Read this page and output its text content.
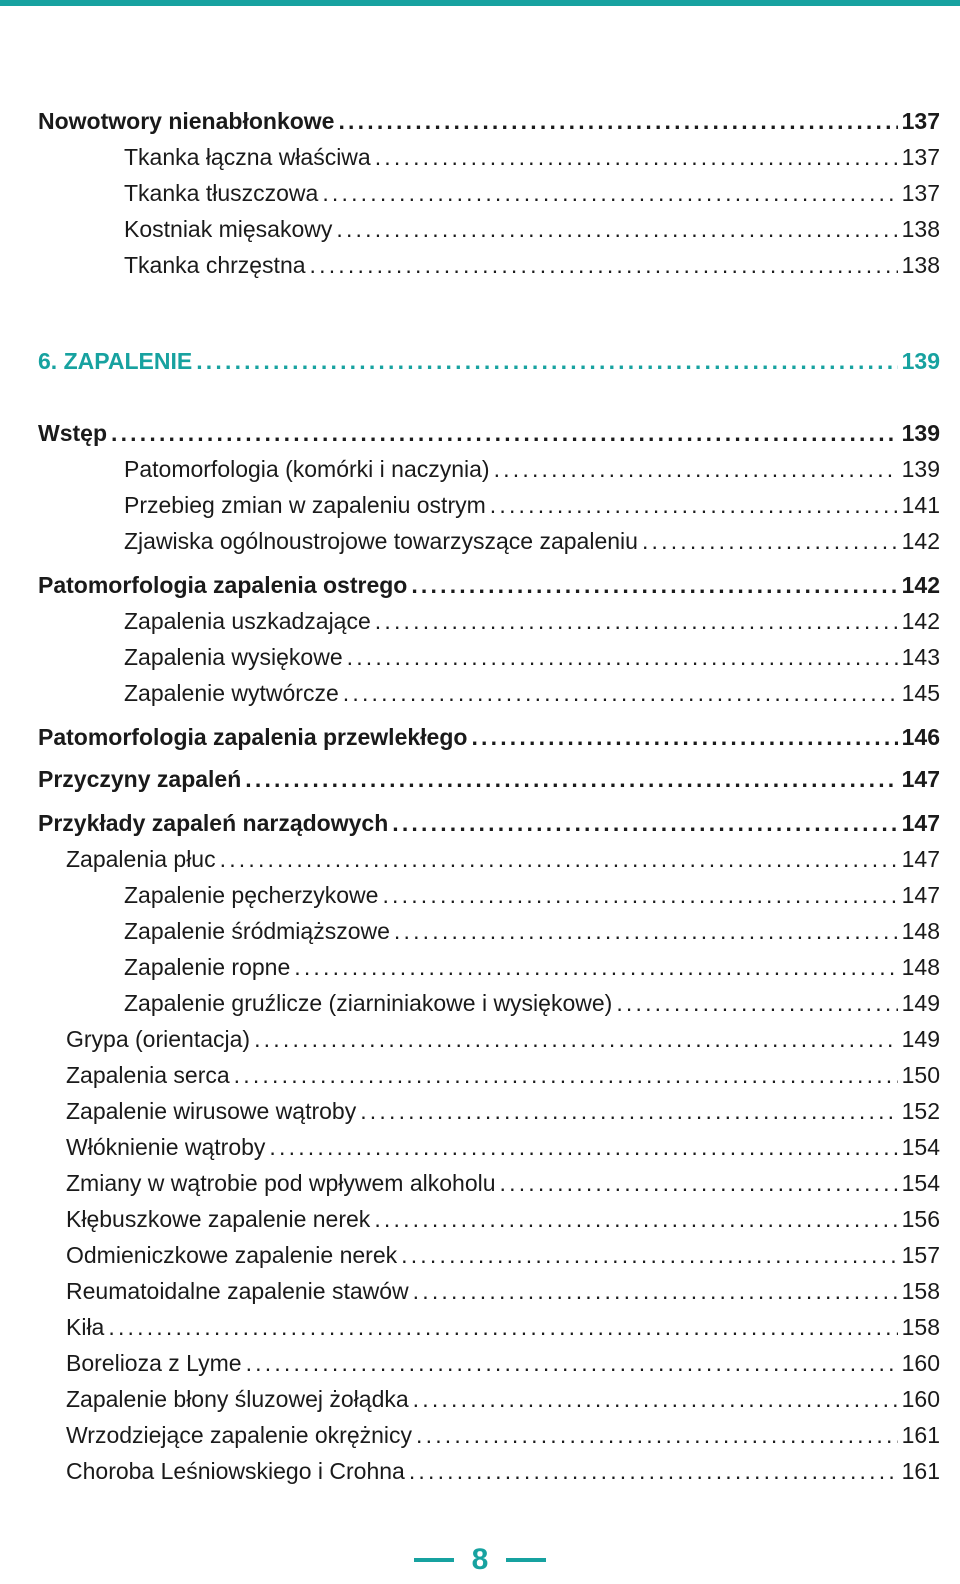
Nowotwory nienabłonkowe .....	137
Tkanka łączna właściwa .....	137
Tkanka tłuszczowa .....	137
Kostniak mięsakowy .....	138
Tkanka chrzęstna .....	138
6. ZAPALENIE .....	139
Wstęp .....	139
Patomorfologia (komórki i naczynia) .....	139
Przebieg zmian w zapaleniu ostrym .....	141
Zjawiska ogólnoustrojowe towarzyszące zapaleniu .....	142
Patomorfologia zapalenia ostrego .....	142
Zapalenia uszkadzające .....	142
Zapalenia wysiękowe .....	143
Zapalenie wytwórcze .....	145
Patomorfologia zapalenia przewlekłego .....	146
Przyczyny zapaleń .....	147
Przykłady zapaleń narządowych .....	147
Zapalenia płuc .....	147
Zapalenie pęcherzykowe .....	147
Zapalenie śródmiąższowe .....	148
Zapalenie ropne .....	148
Zapalenie gruźlicze (ziarniniakowe i wysiękowe) .....	149
Grypa (orientacja) .....	149
Zapalenia serca .....	150
Zapalenie wirusowe wątroby .....	152
Włóknienie wątroby .....	154
Zmiany w wątrobie pod wpływem alkoholu .....	154
Kłębuszkowe zapalenie nerek .....	156
Odmieniczkowe zapalenie nerek .....	157
Reumatoidalne zapalenie stawów .....	158
Kiła .....	158
Borelioza z Lyme .....	160
Zapalenie błony śluzowej żołądka .....	160
Wrzodziejące zapalenie okrężnicy .....	161
Choroba Leśniowskiego i Crohna .....	161
8
